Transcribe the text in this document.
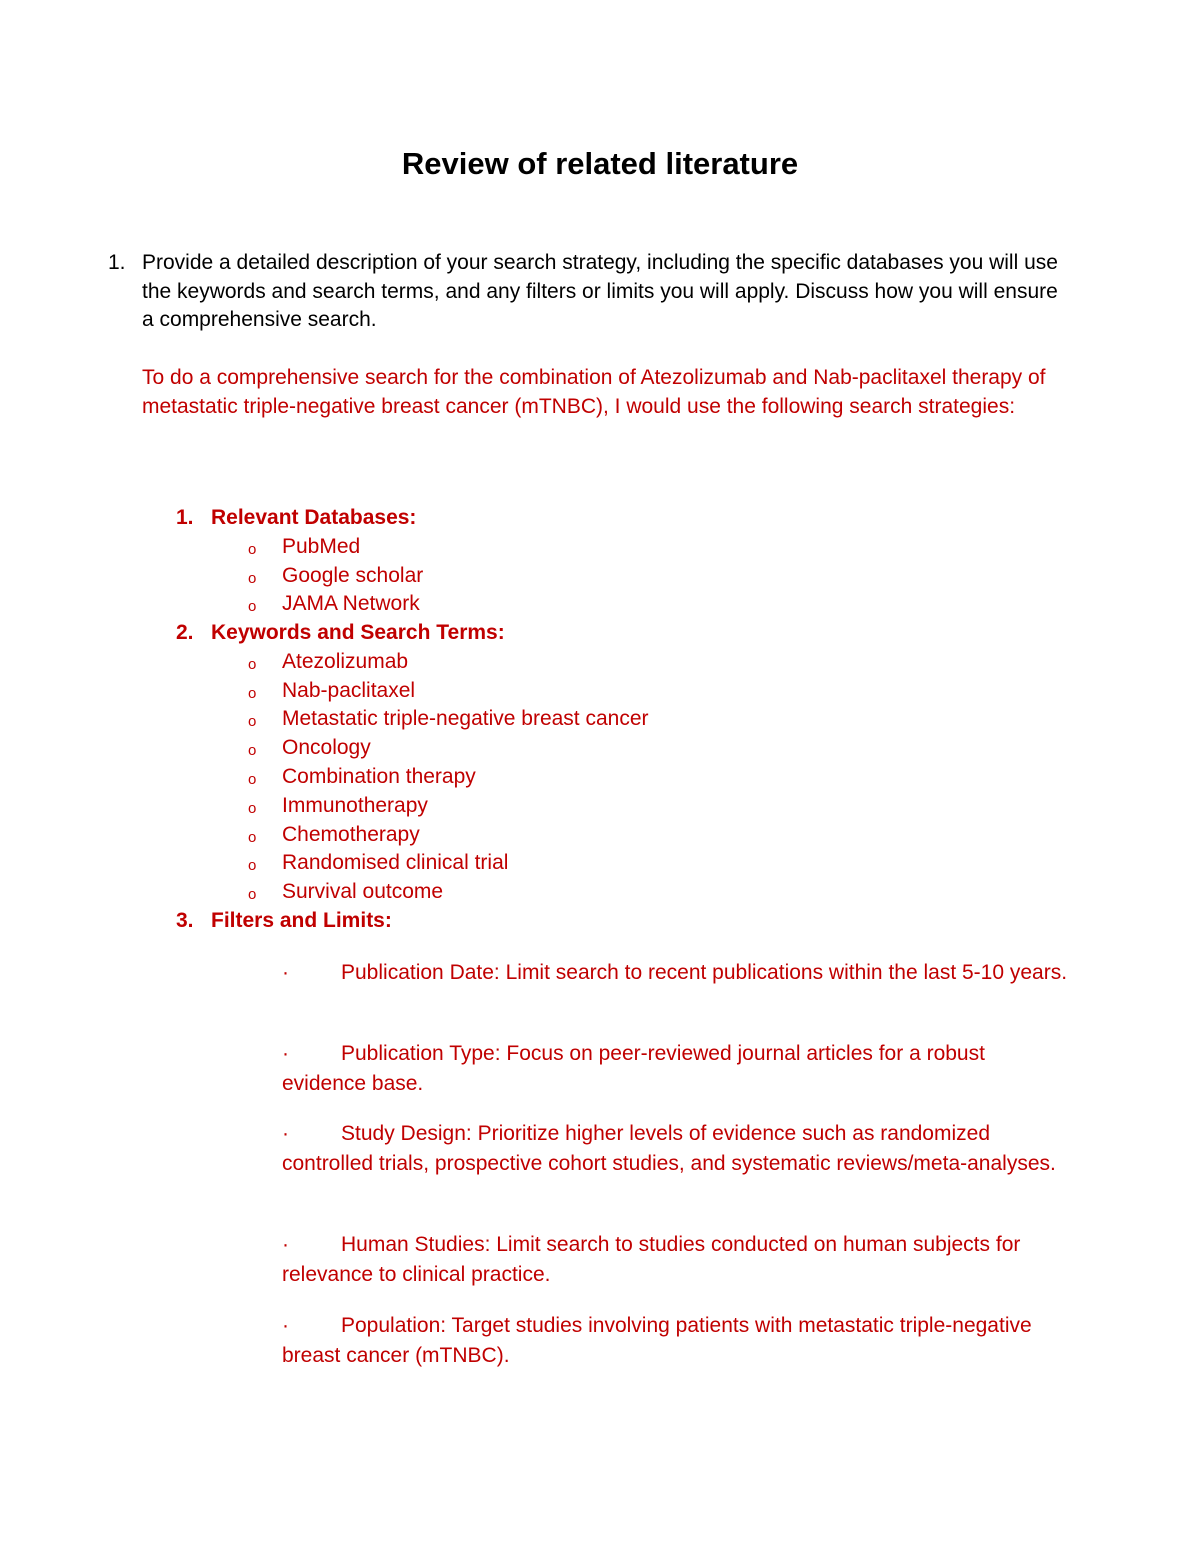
Review of related literature
1. Provide a detailed description of your search strategy, including the specific databases you will use the keywords and search terms, and any filters or limits you will apply. Discuss how you will ensure a comprehensive search.

To do a comprehensive search for the combination of Atezolizumab and Nab-paclitaxel therapy of metastatic triple-negative breast cancer (mTNBC), I would use the following search strategies:

1. Relevant Databases:
o PubMed
o Google scholar
o JAMA Network
2. Keywords and Search Terms:
o Atezolizumab
o Nab-paclitaxel
o Metastatic triple-negative breast cancer
o Oncology
o Combination therapy
o Immunotherapy
o Chemotherapy
o Randomised clinical trial
o Survival outcome
3. Filters and Limits:
·	Publication Date: Limit search to recent publications within the last 5-10 years.
·	Publication Type: Focus on peer-reviewed journal articles for a robust evidence base.
·	Study Design: Prioritize higher levels of evidence such as randomized controlled trials, prospective cohort studies, and systematic reviews/meta-analyses.
·	Human Studies: Limit search to studies conducted on human subjects for relevance to clinical practice.
·	Population: Target studies involving patients with metastatic triple-negative breast cancer (mTNBC).
